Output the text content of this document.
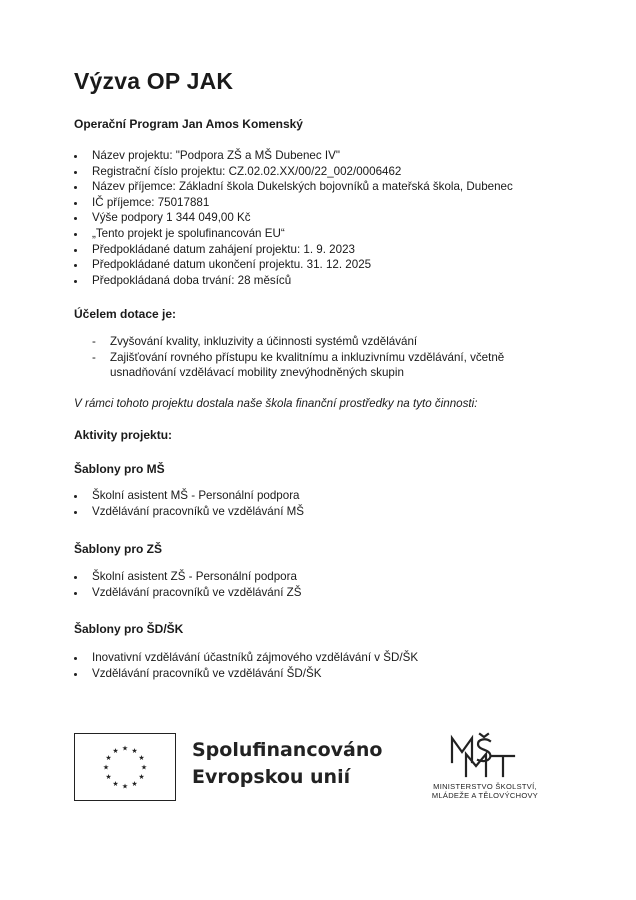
Výzva OP JAK
Operační Program Jan Amos Komenský
Název projektu: "Podpora ZŠ a MŠ Dubenec IV"
Registrační číslo projektu: CZ.02.02.XX/00/22_002/0006462
Název příjemce: Základní škola Dukelských bojovníků a mateřská škola, Dubenec
IČ příjemce: 75017881
Výše podpory 1 344 049,00 Kč
„Tento projekt je spolufinancován EU“
Předpokládané datum zahájení projektu: 1. 9. 2023
Předpokládané datum ukončení projektu. 31. 12. 2025
Předpokládaná doba trvání: 28 měsíců
Účelem dotace je:
- Zvyšování kvality, inkluzivity a účinnosti systémů vzdělávání
- Zajišťování rovného přístupu ke kvalitnímu a inkluzivnímu vzdělávání, včetně usnadňování vzdělávací mobility znevýhodněných skupin
V rámci tohoto projektu dostala naše škola finanční prostředky na tyto činnosti:
Aktivity projektu:
Šablony pro MŠ
Školní asistent MŠ - Personální podpora
Vzdělávání pracovníků ve vzdělávání MŠ
Šablony pro ZŠ
Školní asistent ZŠ - Personální podpora
Vzdělávání pracovníků ve vzdělávání ZŠ
Šablony pro ŠD/ŠK
Inovativní vzdělávání účastníků zájmového vzdělávání v ŠD/ŠK
Vzdělávání pracovníků ve vzdělávání ŠD/ŠK
★ ★
★
★
★
★
★
★
★
★
★
★	Spolufinancováno
Evropskou unií	MINISTERSTVO ŠKOLSTVÍ,
MLÁDEŽE A TĚLOVÝCHOVY
